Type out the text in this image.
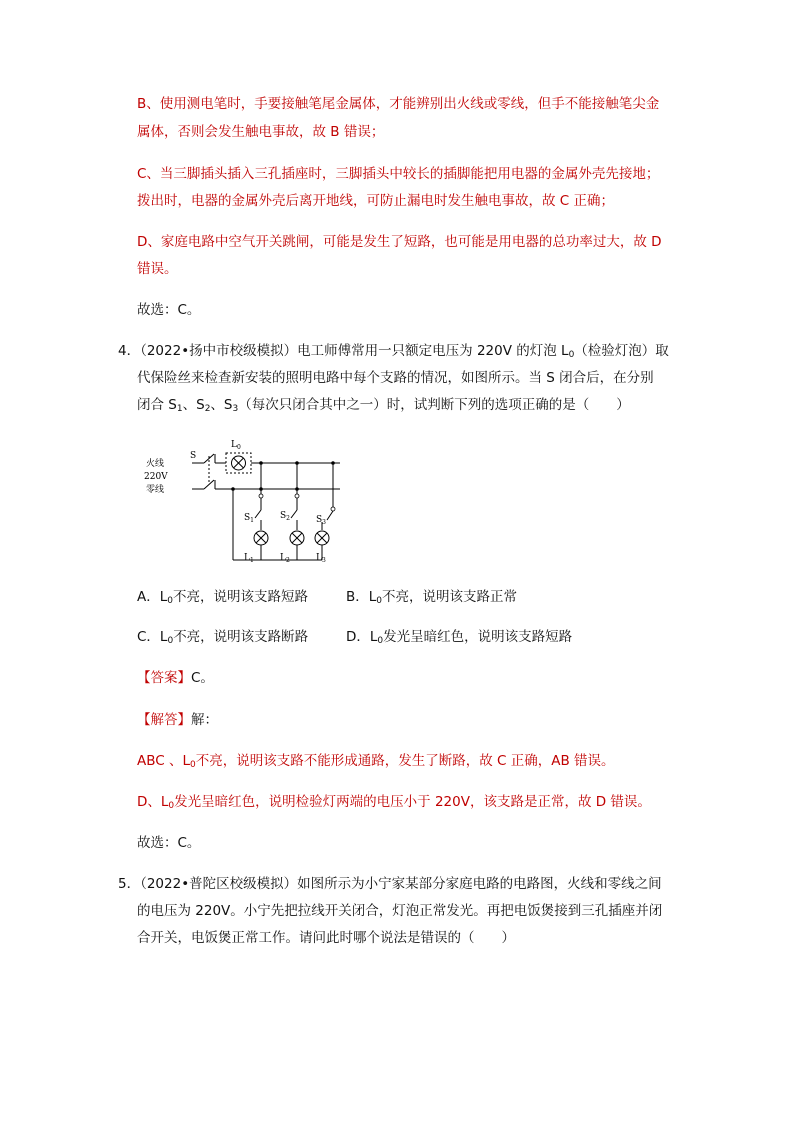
B、使用测电笔时，手要接触笔尾金属体，才能辨别出火线或零线，但手不能接触笔尖金
属体，否则会发生触电事故，故 B 错误；
C、当三脚插头插入三孔插座时，三脚插头中较长的插脚能把用电器的金属外壳先接地；
拨出时，电器的金属外壳后离开地线，可防止漏电时发生触电事故，故 C 正确；
D、家庭电路中空气开关跳闸，可能是发生了短路，也可能是用电器的总功率过大，故 D
错误。
故选：C。
4．（2022•扬中市校级模拟）电工师傅常用一只额定电压为 220V 的灯泡 $L_0$（检验灯泡）取
代保险丝来检查新安装的照明电路中每个支路的情况，如图所示。当 S 闭合后，在分别
闭合 $S_1$、$S_2$、$S_3$（每次只闭合其中之一）时，试判断下列的选项正确的是（　　）
火线
220V
零线
S
$L_0$
$S_1$	$S_2$	$S_3$
$L_1$	$L_2$	$L_3$
A．$L_0$不亮，说明该支路短路	B．$L_0$不亮，说明该支路正常
C．$L_0$不亮，说明该支路断路	D．$L_0$发光呈暗红色，说明该支路短路
【答案】C。
【解答】解：
ABC 、$L_0$不亮，说明该支路不能形成通路，发生了断路，故 C 正确，AB 错误。
D、$L_0$发光呈暗红色，说明检验灯两端的电压小于 220V，该支路是正常，故 D 错误。
故选：C。
5．（2022•普陀区校级模拟）如图所示为小宁家某部分家庭电路的电路图，火线和零线之间
的电压为 220V。小宁先把拉线开关闭合，灯泡正常发光。再把电饭煲接到三孔插座并闭
合开关，电饭煲正常工作。请问此时哪个说法是错误的（　　）
